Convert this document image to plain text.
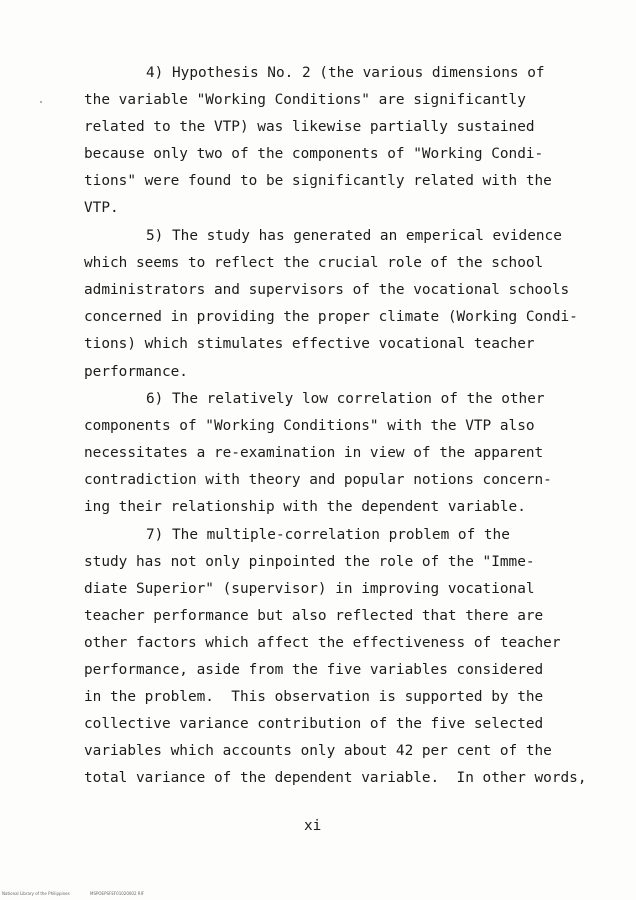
4) Hypothesis No. 2 (the various dimensions of
the variable "Working Conditions" are significantly
related to the VTP) was likewise partially sustained
because only two of the components of "Working Condi-
tions" were found to be significantly related with the
VTP.
5) The study has generated an emperical evidence
which seems to reflect the crucial role of the school
administrators and supervisors of the vocational schools
concerned in providing the proper climate (Working Condi-
tions) which stimulates effective vocational teacher
performance.
6) The relatively low correlation of the other
components of "Working Conditions" with the VTP also
necessitates a re-examination in view of the apparent
contradiction with theory and popular notions concern-
ing their relationship with the dependent variable.
7) The multiple-correlation problem of the
study has not only pinpointed the role of the "Imme-
diate Superior" (supervisor) in improving vocational
teacher performance but also reflected that there are
other factors which affect the effectiveness of teacher
performance, aside from the five variables considered
in the problem.  This observation is supported by the
collective variance contribution of the five selected
variables which accounts only about 42 per cent of the
total variance of the dependent variable.  In other words,
xi
National Library of the Philippines	MSPOEPSFEF01020002 RIF
